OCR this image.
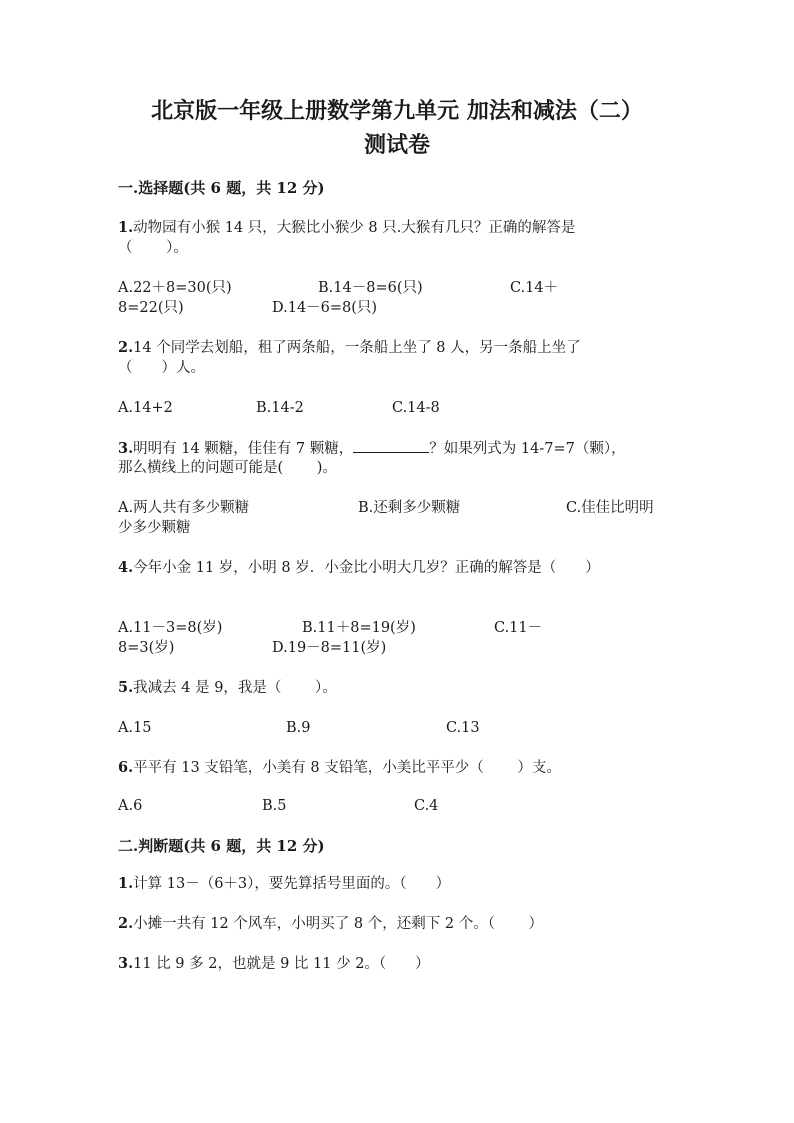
北京版一年级上册数学第九单元 加法和减法（二）
测试卷
一.选择题(共 6 题，共 12 分)
1.动物园有小猴 14 只，大猴比小猴少 8 只.大猴有几只？正确的解答是
（　　 ）。
A.22＋8=30(只)	B.14－8=6(只)	C.14＋
8=22(只)	D.14－6=8(只)
2.14 个同学去划船，租了两条船，一条船上坐了 8 人，另一条船上坐了
（　　）人。
A.14+2	B.14-2	C.14-8
3.明明有 14 颗糖，佳佳有 7 颗糖，	？如果列式为 14-7=7（颗），
那么横线上的问题可能是(　　 )。
A.两人共有多少颗糖	B.还剩多少颗糖	C.佳佳比明明
少多少颗糖
4.今年小金 11 岁，小明 8 岁．小金比小明大几岁？正确的解答是（　　）
A.11－3=8(岁)	B.11＋8=19(岁)	C.11－
8=3(岁)	D.19－8=11(岁)
5.我减去 4 是 9，我是（　　 ）。
A.15	B.9	C.13
6.平平有 13 支铅笔，小美有 8 支铅笔，小美比平平少（　　 ）支。
A.6	B.5	C.4
二.判断题(共 6 题，共 12 分)
1.计算 13－（6＋3），要先算括号里面的。（　　）
2.小摊一共有 12 个风车，小明买了 8 个，还剩下 2 个。（　　 ）
3.11 比 9 多 2，也就是 9 比 11 少 2。（　　）
